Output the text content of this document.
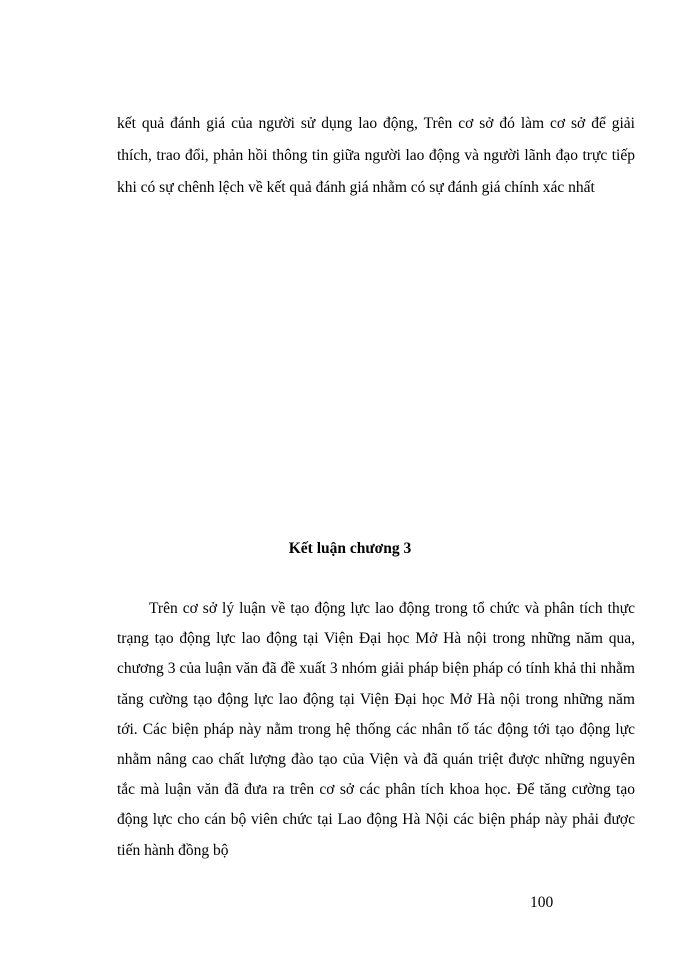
kết quả đánh giá của người sử dụng lao động, Trên cơ sở đó làm cơ sở để giải thích, trao đổi, phản hồi thông tin giữa người lao động và người lãnh đạo trực tiếp khi có sự chênh lệch về kết quả đánh giá nhằm có sự đánh giá chính xác nhất

Kết luận chương 3

Trên cơ sở lý luận về tạo động lực lao động trong tổ chức và phân tích thực trạng tạo động lực lao động tại Viện Đại học Mở Hà nội trong những năm qua, chương 3 của luận văn đã đề xuất 3 nhóm giải pháp biện pháp có tính khả thi nhằm tăng cường tạo động lực lao động tại Viện Đại học Mở Hà nội trong những năm tới. Các biện pháp này nằm trong hệ thống các nhân tố tác động tới tạo động lực nhằm nâng cao chất lượng đào tạo của Viện và đã quán triệt được những nguyên tắc mà luận văn đã đưa ra trên cơ sở các phân tích khoa học. Để tăng cường tạo động lực cho cán bộ viên chức tại Lao động Hà Nội các biện pháp này phải được tiến hành đồng bộ

100
